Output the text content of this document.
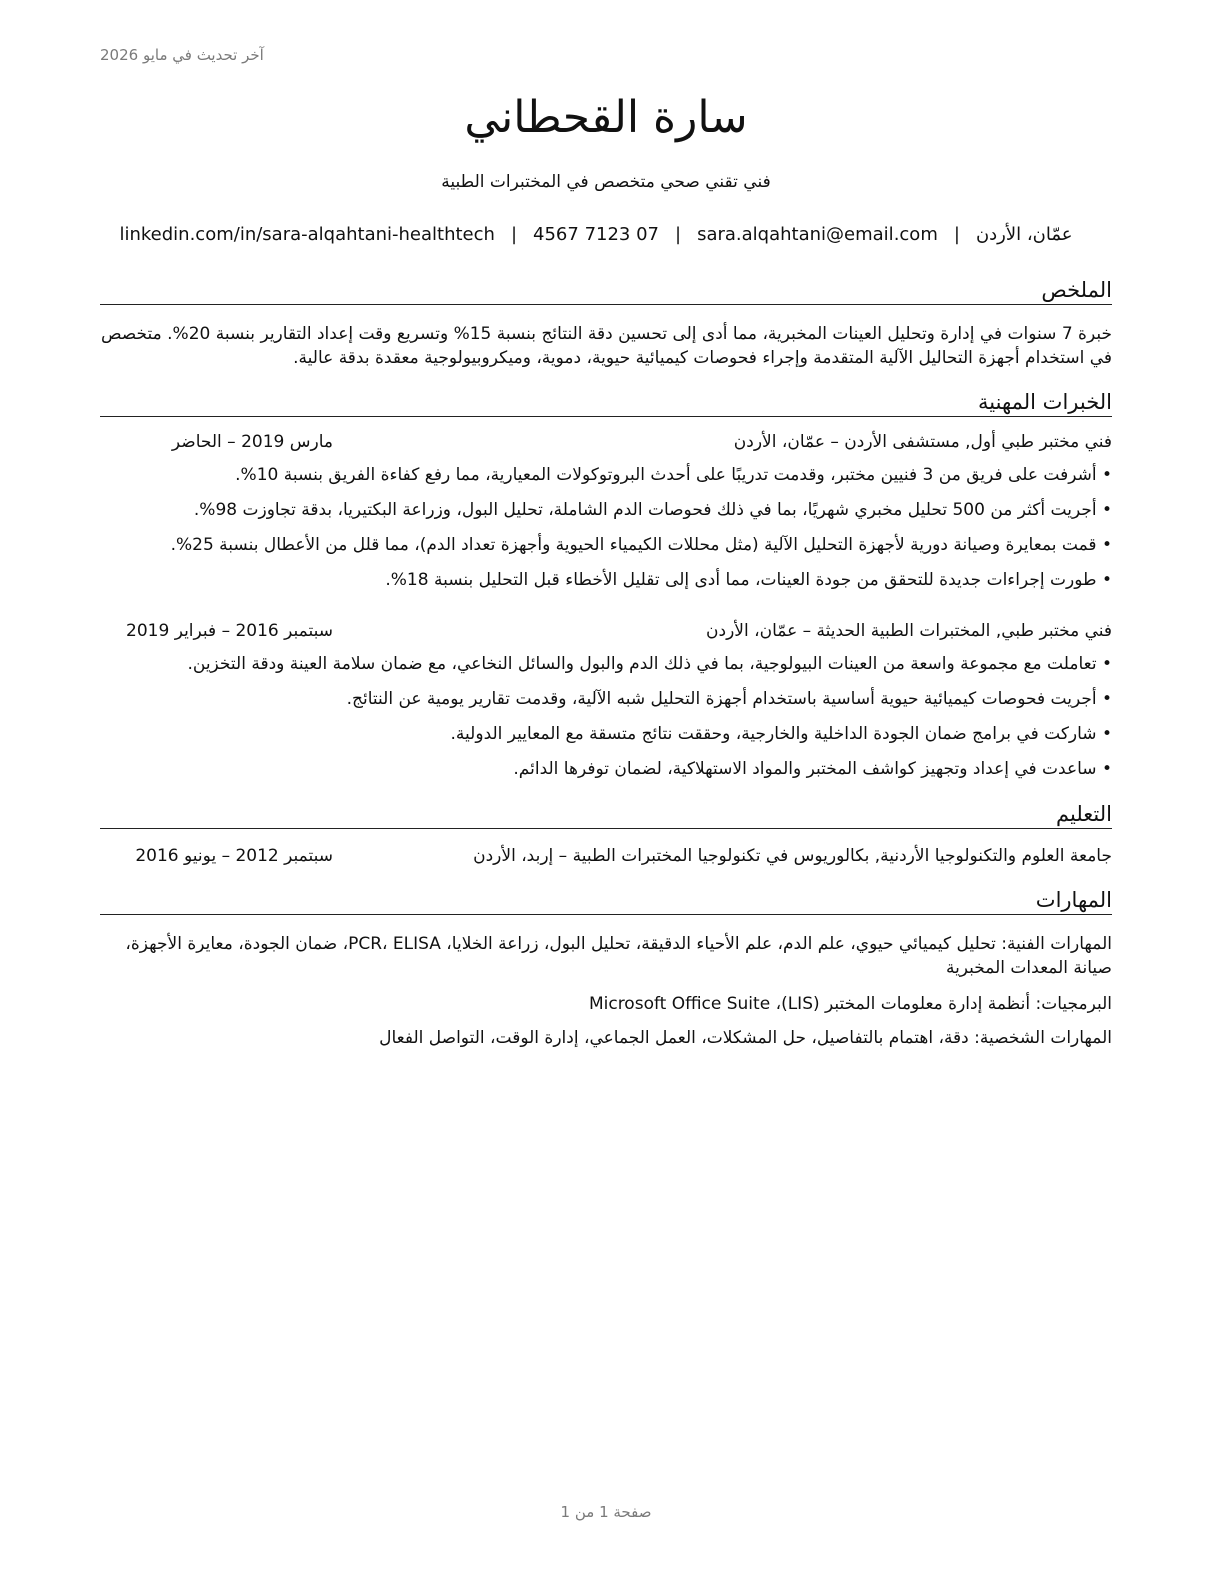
آخر تحديث في مايو 2026
سارة القحطاني
فني تقني صحي متخصص في المختبرات الطبية
عمّان، الأردن
|
sara.alqahtani@email.com
|
07 7123 4567
|
linkedin.com/in/sara-alqahtani-healthtech
الملخص
خبرة 7 سنوات في إدارة وتحليل العينات المخبرية، مما أدى إلى تحسين دقة النتائج بنسبة 15% وتسريع وقت إعداد التقارير بنسبة 20%. متخصص في استخدام أجهزة التحاليل الآلية المتقدمة وإجراء فحوصات كيميائية حيوية، دموية، وميكروبيولوجية معقدة بدقة عالية.
الخبرات المهنية
فني مختبر طبي أول, مستشفى الأردن – عمّان، الأردن
مارس 2019 – الحاضر
• أشرفت على فريق من 3 فنيين مختبر، وقدمت تدريبًا على أحدث البروتوكولات المعيارية، مما رفع كفاءة الفريق بنسبة 10%.
• أجريت أكثر من 500 تحليل مخبري شهريًا، بما في ذلك فحوصات الدم الشاملة، تحليل البول، وزراعة البكتيريا، بدقة تجاوزت 98%.
• قمت بمعايرة وصيانة دورية لأجهزة التحليل الآلية (مثل محللات الكيمياء الحيوية وأجهزة تعداد الدم)، مما قلل من الأعطال بنسبة 25%.
• طورت إجراءات جديدة للتحقق من جودة العينات، مما أدى إلى تقليل الأخطاء قبل التحليل بنسبة 18%.
فني مختبر طبي, المختبرات الطبية الحديثة – عمّان، الأردن
سبتمبر 2016 – فبراير 2019
• تعاملت مع مجموعة واسعة من العينات البيولوجية، بما في ذلك الدم والبول والسائل النخاعي، مع ضمان سلامة العينة ودقة التخزين.
• أجريت فحوصات كيميائية حيوية أساسية باستخدام أجهزة التحليل شبه الآلية، وقدمت تقارير يومية عن النتائج.
• شاركت في برامج ضمان الجودة الداخلية والخارجية، وحققت نتائج متسقة مع المعايير الدولية.
• ساعدت في إعداد وتجهيز كواشف المختبر والمواد الاستهلاكية، لضمان توفرها الدائم.
التعليم
جامعة العلوم والتكنولوجيا الأردنية, بكالوريوس في تكنولوجيا المختبرات الطبية – إربد، الأردن
سبتمبر 2012 – يونيو 2016
المهارات
المهارات الفنية: تحليل كيميائي حيوي، علم الدم، علم الأحياء الدقيقة، تحليل البول، زراعة الخلايا، PCR، ELISA، ضمان الجودة، معايرة الأجهزة، صيانة المعدات المخبرية
البرمجيات: أنظمة إدارة معلومات المختبر (LIS)، Microsoft Office Suite
المهارات الشخصية: دقة، اهتمام بالتفاصيل، حل المشكلات، العمل الجماعي، إدارة الوقت، التواصل الفعال
صفحة 1 من 1
